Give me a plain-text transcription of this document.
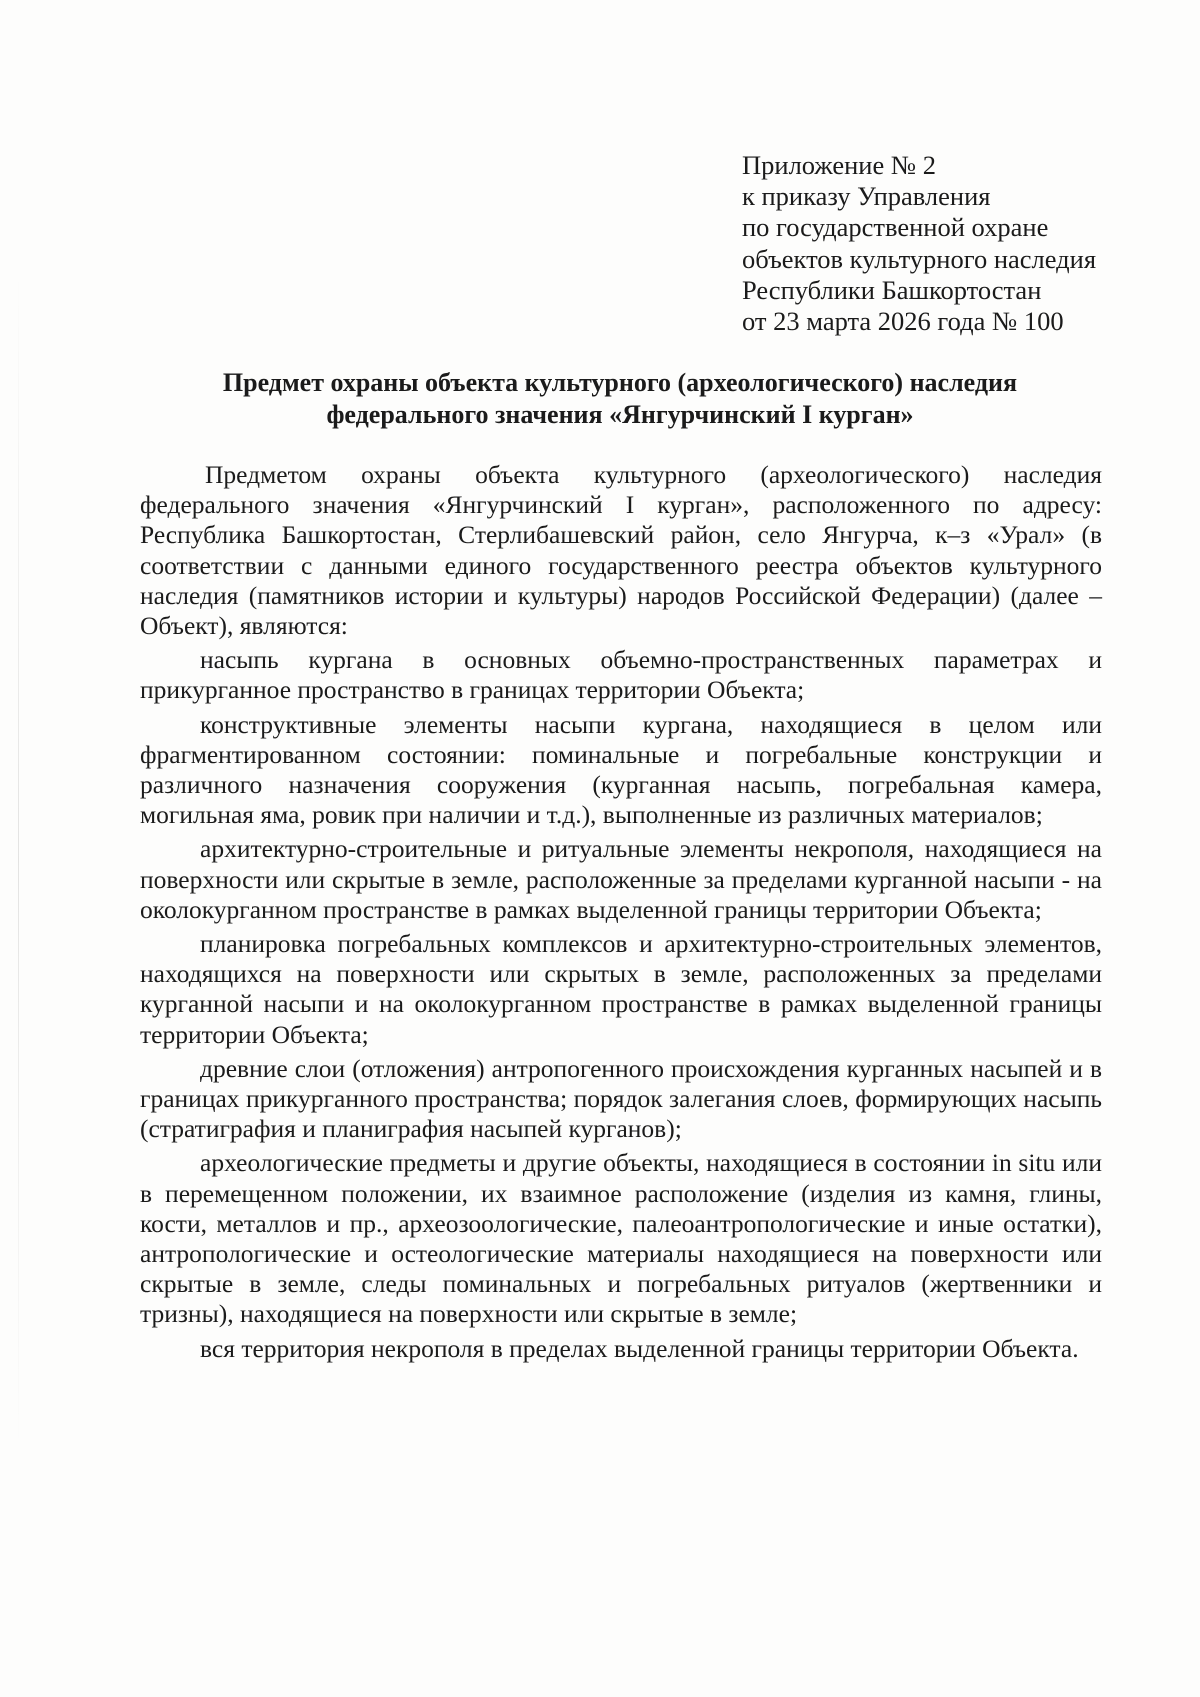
Приложение № 2
к приказу Управления
по государственной охране
объектов культурного наследия
Республики Башкортостан
от 23 марта 2026 года № 100
Предмет охраны объекта культурного (археологического) наследия
федерального значения «Янгурчинский I курган»

Предметом охраны объекта культурного (археологического) наследия федерального значения «Янгурчинский I курган», расположенного по адресу: Республика Башкортостан, Стерлибашевский район, село Янгурча, к–з «Урал» (в соответствии с данными единого государственного реестра объектов культурного наследия (памятников истории и культуры) народов Российской Федерации) (далее – Объект), являются:

насыпь кургана в основных объемно-пространственных параметрах и прикурганное пространство в границах территории Объекта;

конструктивные элементы насыпи кургана, находящиеся в целом или фрагментированном состоянии: поминальные и погребальные конструкции и различного назначения сооружения (курганная насыпь, погребальная камера, могильная яма, ровик при наличии и т.д.), выполненные из различных материалов;

архитектурно-строительные и ритуальные элементы некрополя, находящиеся на поверхности или скрытые в земле, расположенные за пределами курганной насыпи - на околокурганном пространстве в рамках выделенной границы территории Объекта;

планировка погребальных комплексов и архитектурно-строительных элементов, находящихся на поверхности или скрытых в земле, расположенных за пределами курганной насыпи и на околокурганном пространстве в рамках выделенной границы территории Объекта;

древние слои (отложения) антропогенного происхождения курганных насыпей и в границах прикурганного пространства; порядок залегания слоев, формирующих насыпь (стратиграфия и планиграфия насыпей курганов);

археологические предметы и другие объекты, находящиеся в состоянии in situ или в перемещенном положении, их взаимное расположение (изделия из камня, глины, кости, металлов и пр., археозоологические, палеоантропологические и иные остатки), антропологические и остеологические материалы находящиеся на поверхности или скрытые в земле, следы поминальных и погребальных ритуалов (жертвенники и тризны), находящиеся на поверхности или скрытые в земле;

вся территория некрополя в пределах выделенной границы территории Объекта.
